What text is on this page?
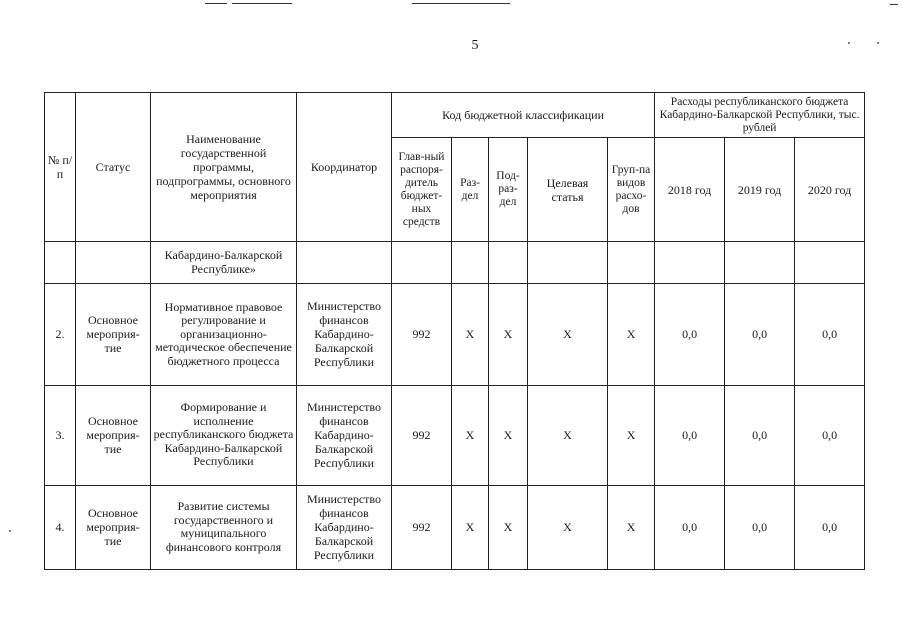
5
№ п/п	Статус	Наименование государственной программы, подпрограммы, основного мероприятия	Координатор	Код бюджетной классификации					Расходы республиканского бюджета Кабардино-Балкарской Республики, тыс. рублей		
				Глав-ный распоря-дитель бюджет-ных средств	Раз-дел	Под-раз-дел	Целевая статья	Груп-па видов расхо-дов	2018 год	2019 год	2020 год
		Кабардино-Балкарской Республике»									
2.	Основное мероприя-тие	Нормативное правовое регулирование и организационно-методическое обеспечение бюджетного процесса	Министерство финансов Кабардино-Балкарской Республики	992	X	X	X	X	0,0	0,0	0,0
3.	Основное мероприя-тие	Формирование и исполнение республиканского бюджета Кабардино-Балкарской Республики	Министерство финансов Кабардино-Балкарской Республики	992	X	X	X	X	0,0	0,0	0,0
4.	Основное мероприя-тие	Развитие системы государственного и муниципального финансового контроля	Министерство финансов Кабардино-Балкарской Республики	992	X	X	X	X	0,0	0,0	0,0
